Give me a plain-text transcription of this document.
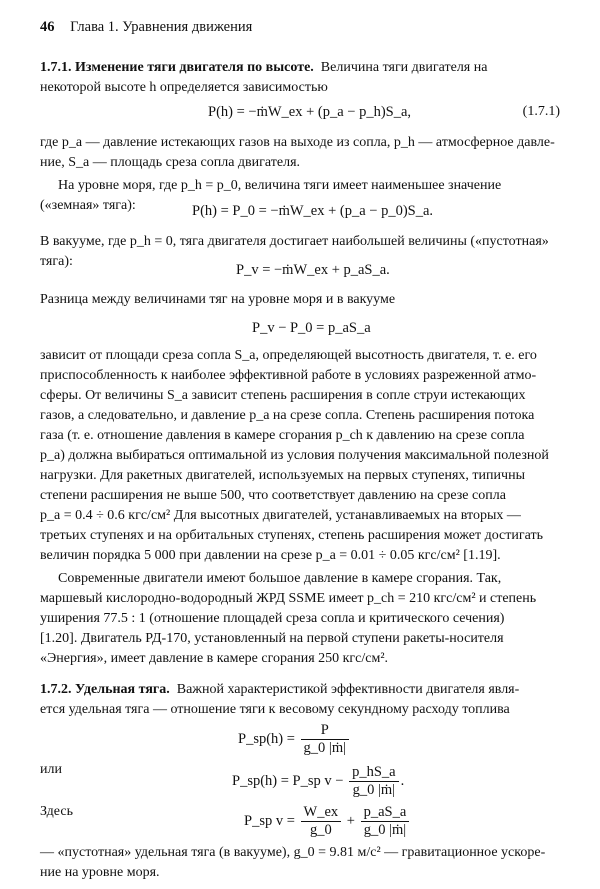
46 Глава 1. Уравнения движения
1.7.1. Изменение тяги двигателя по высоте. Величина тяги двигателя на
некоторой высоте h определяется зависимостью
P(h) = −ṁW_ex + (p_a − p_h)S_a,	(1.7.1)
где p_a — давление истекающих газов на выходе из сопла, p_h — атмосферное давле-
ние, S_a — площадь среза сопла двигателя.
На уровне моря, где p_h = p_0, величина тяги имеет наименьшее значение
(«земная» тяга):	P(h) = P_0 = −ṁW_ex + (p_a − p_0)S_a.
В вакууме, где p_h = 0, тяга двигателя достигает наибольшей величины («пустотная»
тяга):
P_v = −ṁW_ex + p_aS_a.
Разница между величинами тяг на уровне моря и в вакууме
P_v − P_0 = p_aS_a
зависит от площади среза сопла S_a, определяющей высотность двигателя, т. е. его
приспособленность к наиболее эффективной работе в условиях разреженной атмо-
сферы. От величины S_a зависит степень расширения в сопле струи истекающих
газов, а следовательно, и давление p_a на срезе сопла. Степень расширения потока
газа (т. е. отношение давления в камере сгорания p_ch к давлению на срезе сопла
p_a) должна выбираться оптимальной из условия получения максимальной полезной
нагрузки. Для ракетных двигателей, используемых на первых ступенях, типичны
степени расширения не выше 500, что соответствует давлению на срезе сопла
p_a = 0.4 ÷ 0.6 кгс/см² Для высотных двигателей, устанавливаемых на вторых —
третьих ступенях и на орбитальных ступенях, степень расширения может достигать
величин порядка 5 000 при давлении на срезе p_a = 0.01 ÷ 0.05 кгс/см² [1.19].
Современные двигатели имеют большое давление в камере сгорания. Так,
маршевый кислородно-водородный ЖРД SSME имеет p_ch = 210 кгс/см² и степень
уширения 77.5 : 1 (отношение площадей среза сопла и критического сечения)
[1.20]. Двигатель РД-170, установленный на первой ступени ракеты-носителя
«Энергия», имеет давление в камере сгорания 250 кгс/см².
1.7.2. Удельная тяга. Важной характеристикой эффективности двигателя явля-
ется удельная тяга — отношение тяги к весовому секундному расходу топлива
P_sp(h) = $\frac{P}{\text{g\_0 |ṁ|}}$
или
P_sp(h) = P_sp $v - \frac{p\_hS\_a}{\text{g\_0 |ṁ|}}$ .
Здесь
P_sp $v = \frac{W\_ex}{g\_0} + \frac{p\_aS\_a}{\text{g\_0 |ṁ|}}$
— «пустотная» удельная тяга (в вакууме), g_0 = 9.81 м/с² — гравитационное ускоре-
ние на уровне моря.
